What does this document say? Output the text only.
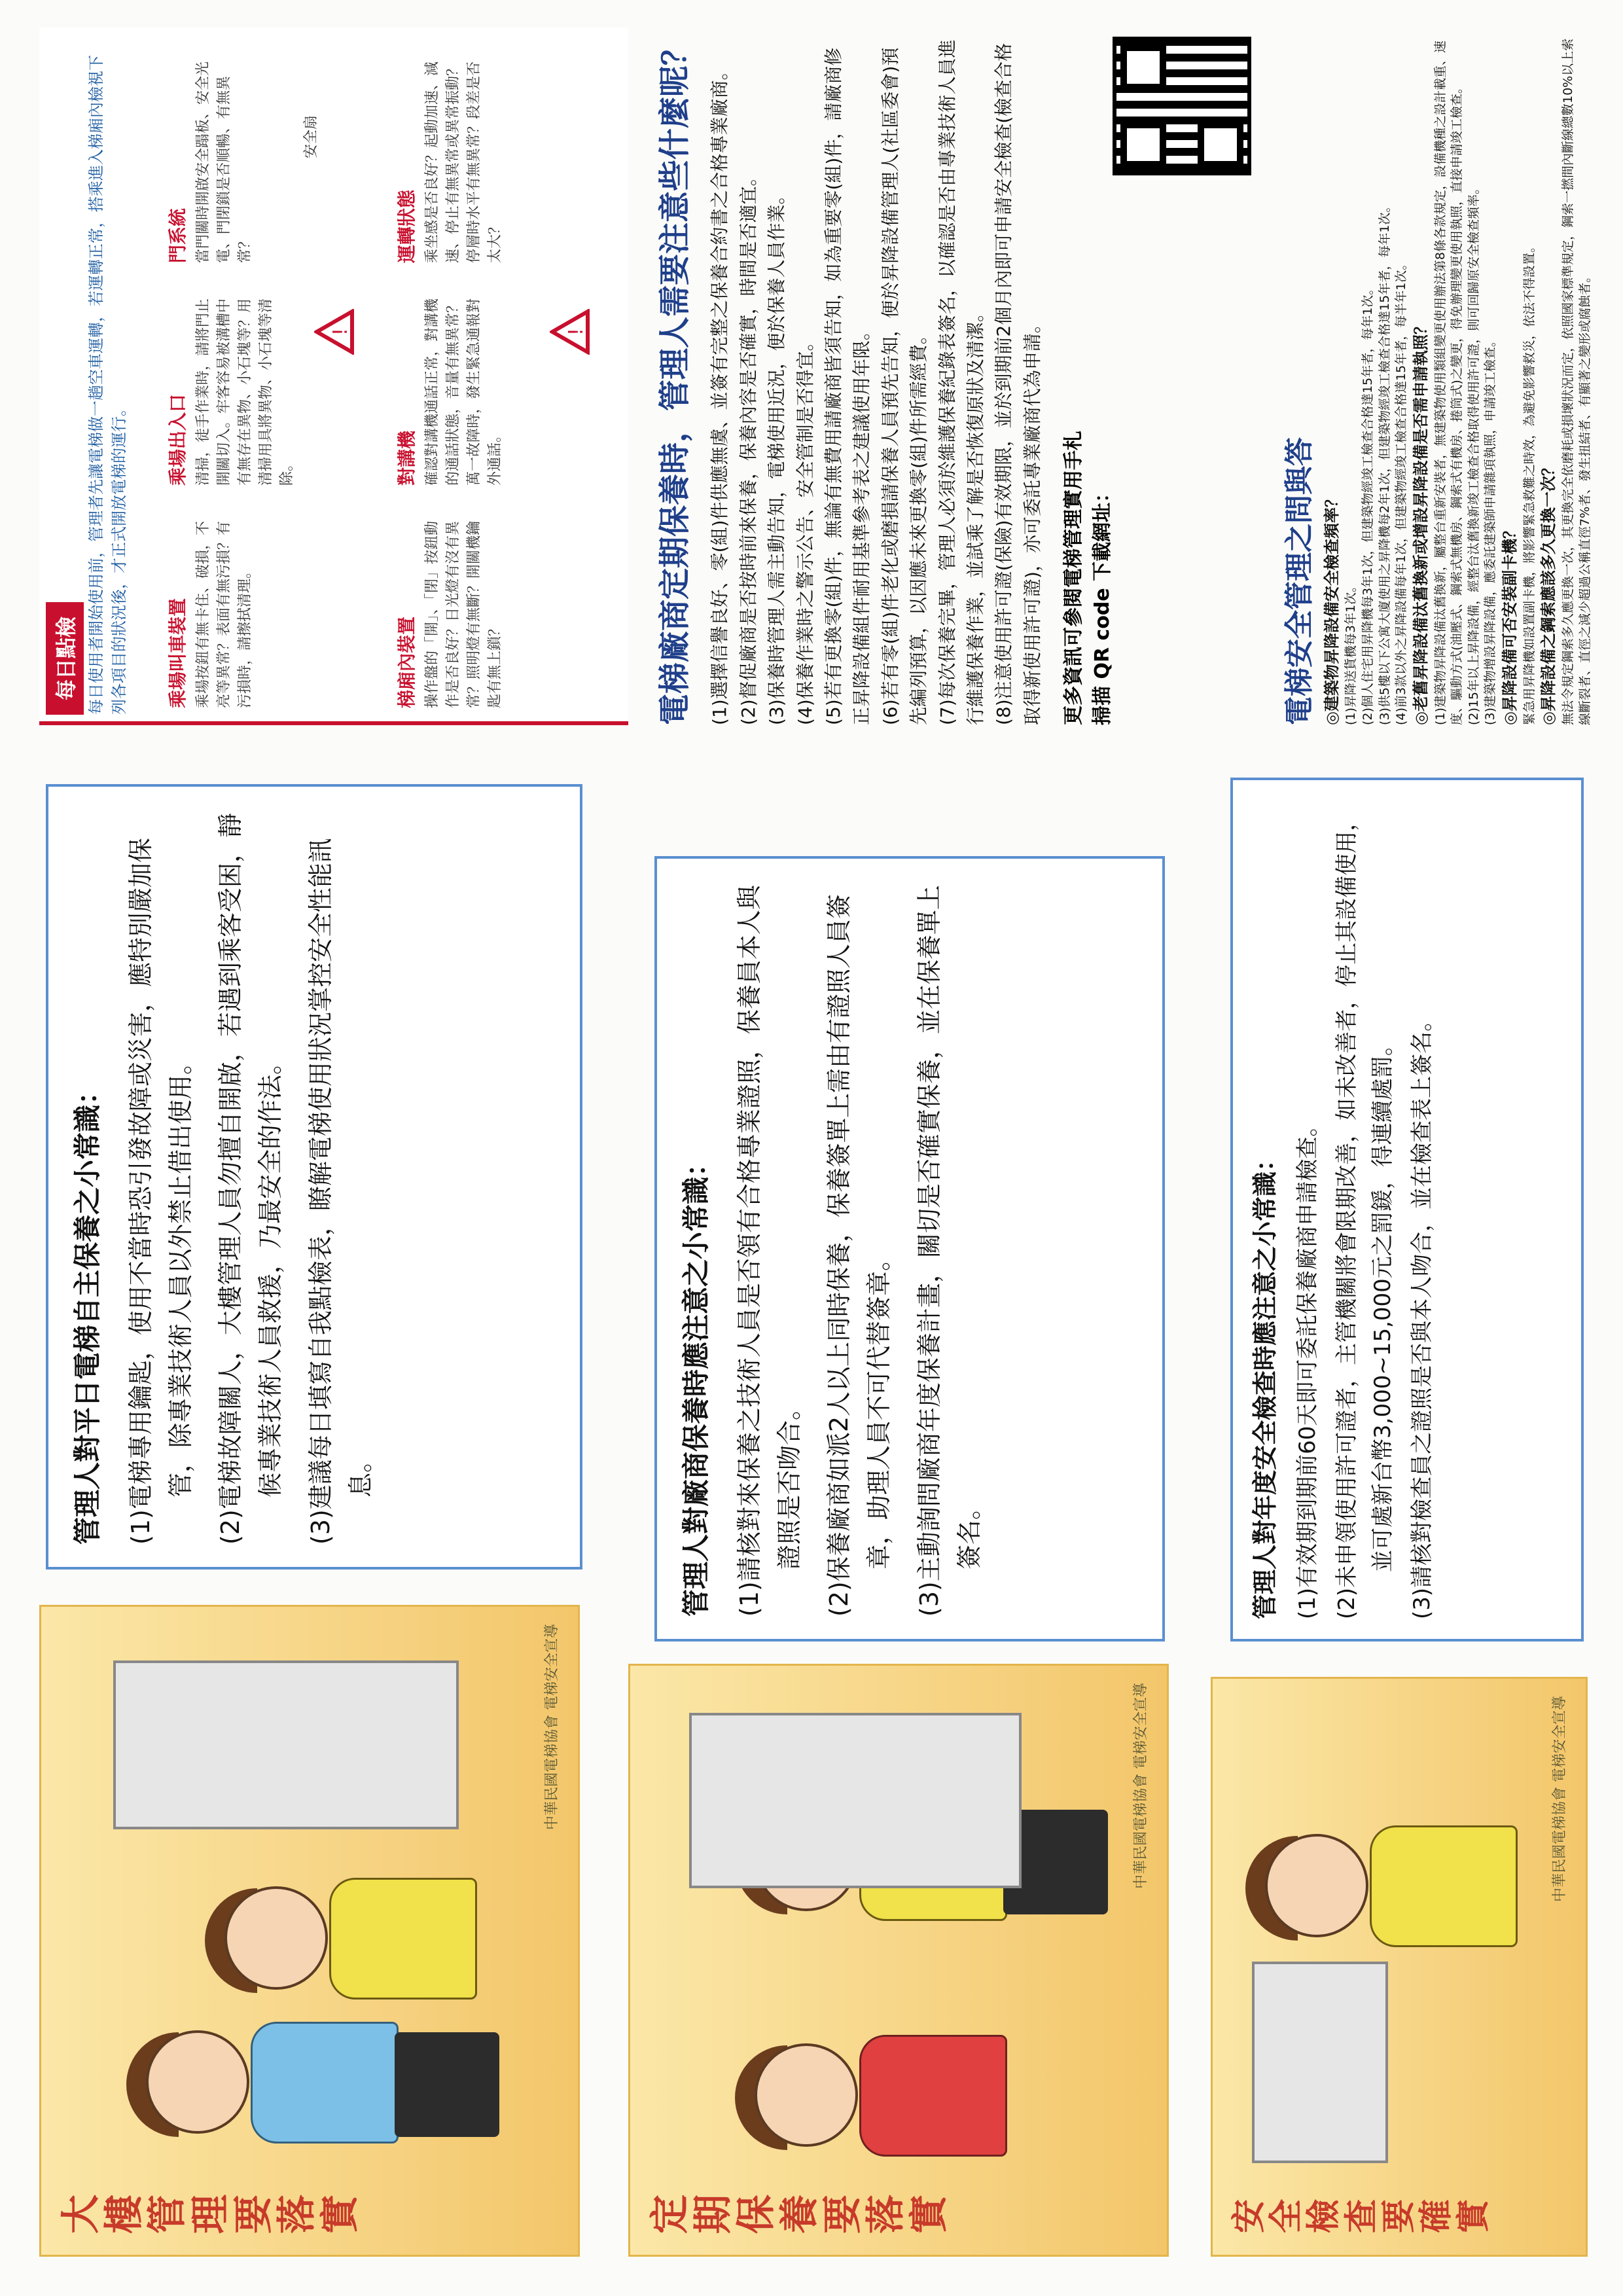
大樓管理要落實
中華民國電梯協會 電梯安全宣導
管理人對平日電梯自主保養之小常識： (1)電梯專用鑰匙，使用不當時恐引發故障或災害，應特別嚴加保管，除專業技術人員以外禁止借出使用。 (2)電梯故障關人，大樓管理人員勿擅自開啟，若遇到乘客受困，靜候專業技術人員救援，乃最安全的作法。 (3)建議每日填寫自我點檢表，瞭解電梯使用狀況掌控安全性能訊息。

定期保養要落實
中華民國電梯協會 電梯安全宣導
管理人對廠商保養時應注意之小常識： (1)請核對來保養之技術人員是否領有合格專業證照，保養員本人與證照是否吻合。 (2)保養廠商如派2人以上同時保養，保養簽單上需由有證照人員簽章，助理人員不可代替簽章。 (3)主動詢問廠商年度保養計畫，關切是否確實保養，並在保養單上簽名。

安全檢查要確實
中華民國電梯協會 電梯安全宣導
管理人對年度安全檢查時應注意之小常識： (1)有效期到期前60天即可委託保養廠商申請檢查。 (2)未申領使用許可證者，主管機關將會限期改善，如未改善者，停止其設備使用，並可處新台幣3,000~15,000元之罰鍰，得連續處罰。 (3)請核對檢查員之證照是否與本人吻合，並在檢查表上簽名。

每日點檢 每日使用者開始使用前，管理者先讓電梯做一趟空車運轉，若運轉正常，搭乘進入梯廂內檢視下列各項目的狀況後，才正式開放電梯的運行。 乘場叫車裝置 乘場按鈕有無卡住、破損，不亮等異常？表面有無污損？有污損時，請擦拭清理。
乘場出入口 清掃，徒手作業時，請將門止開關切入。牢客容易被溝槽中有無存在異物、小石塊等？用清掃用具將異物、小石塊等清除。
門系統 當門關時開啟安全蹋板、安全光電、門閉鎖是否順暢、有無異常？
安全扇
梯廂內裝置 操作盤的「開」、「閉」按鈕動作是否良好？日光燈有沒有異常？照明燈有無斷？開關機鑰匙有無上鎖？
對講機 確認對講機通話正常，對講機的通話狀態，音量有無異常？萬一故障時，發生緊急通報對外通話。
運轉狀態 乘坐感是否良好？起動加速、減速、停止有無異常或異常振動？停層時水平有無異常？段差是否太大？
!	! 電梯廠商定期保養時，管理人需要注意些什麼呢？ (1)選擇信譽良好、零(組)件供應無虞、並簽有完整之保養合約書之合格專業廠商。 (2)督促廠商是否按時前來保養，保養內容是否確實，時間是否適宜。 (3)保養時管理人需主動告知，電梯使用近況，便於保養人員作業。 (4)保養作業時之警示公告、安全管制是否得宜。 (5)若有更換零(組)件，無論有無費用請廠商皆須告知，如為重要零(組)件，請廠商修正昇降設備組件耐用基準參考表之建議使用年限。 (6)若有零(組)件老化或磨損請保養人員預先告知，便於昇降設備管理人(社區委會)預先編列預算，以因應未來更換零(組)件所需經費。 (7)每次保養完畢，管理人必須於維護保養紀錄表簽名，以確認是否由專業技術人員進行維護保養作業，並試乘了解是否恢復原狀及清潔。 (8)注意使用許可證(保險)有效期限，並於到期前2個月內即可申請安全檢查(檢查合格取得新使用許可證)，亦可委託專業廠商代為申請。 更多資訊可參閱電梯管理實用手札 掃描 QR code 下載網址：	電梯安全管理之問與答 ◎建築物昇降設備安全檢查頻率？ (1)昇降送貨機每3年1次。 (2)個人住宅用昇降機每3年1次，但建築物經竣工檢查合格達15年者，每年1次。 (3)供5樓以下公寓大廈使用之昇降機每2年1次，但建築物經竣工檢查合格達15年者，每年1次。 (4)前3款以外之昇降設備每年1次，但建築物經竣工檢查合格達15年者，每半年1次。 ◎老舊昇降設備汰舊換新或增設昇降設備是否需申請執照？ (1)建築物昇降設備汰舊換新，屬整台重新安裝者，無建築物使用類組變更使用辦法第8條各款規定，設備機種之設計載重、速度、驅動方式(油壓式、鋼索式無機房、鋼索式有機房、捲筒式)之變更，得免辦理變更使用執照，直接申請竣工檢查。 (2)15年以上昇降設備，經整台汰舊換新竣工檢查合格取得使用許可證，則可回歸原安全檢查頻率。 (3)建築物增設昇降設備，應委託建築師申請雜項執照，申請竣工檢查。 ◎昇降設備可否安裝副卡機？ 緊急用昇降機如設置副卡機，將影響緊急救難之時效，為避免影響救災，依法不得設置。 ◎昇降設備之鋼索應該多久更換一次？ 無法令規定鋼索多久應更換一次，其更換完全依磨耗或損壞狀況而定，依照國家標準規定，鋼索一撚間內斷線總數10%以上索線斷裂者、直徑之減少超過公稱直徑7%者、發生扭結者、有顯著之變形或腐蝕者。
